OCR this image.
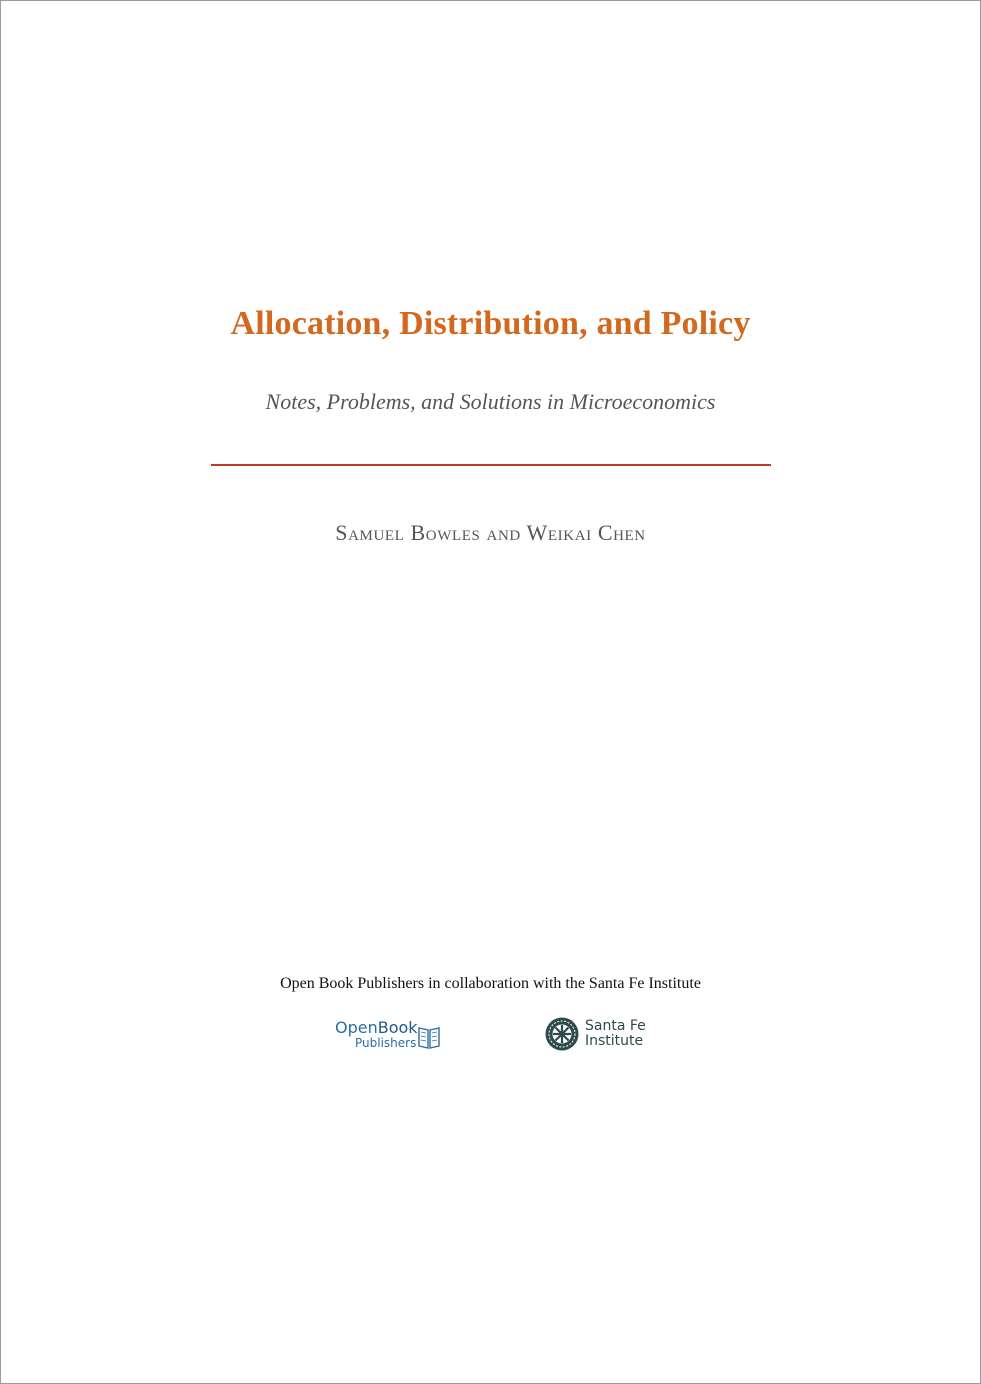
Allocation, Distribution, and Policy
Notes, Problems, and Solutions in Microeconomics
Samuel Bowles and Weikai Chen
Open Book Publishers in collaboration with the Santa Fe Institute
OpenBook
Publishers
Santa Fe
Institute
